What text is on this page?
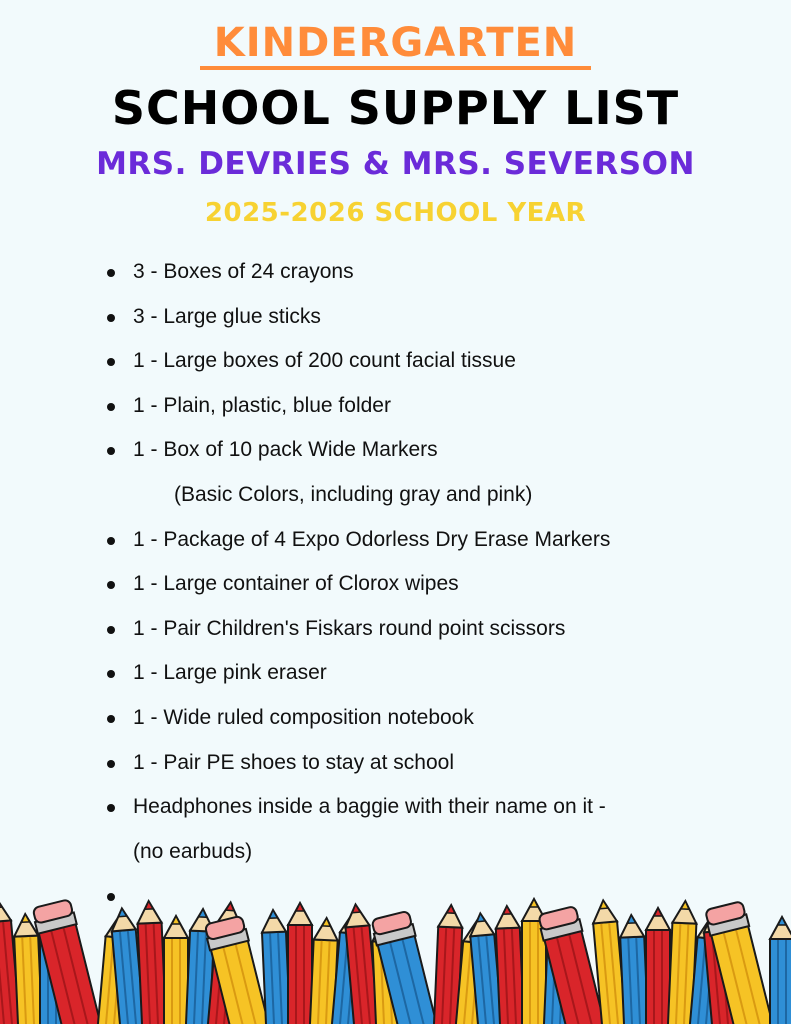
KINDERGARTEN
SCHOOL SUPPLY LIST
MRS. DEVRIES & MRS. SEVERSON
2025-2026 SCHOOL YEAR
3 - Boxes of 24 crayons
3 - Large glue sticks
1 - Large boxes of 200 count facial tissue
1 - Plain, plastic, blue folder
1 - Box of 10 pack Wide Markers
(Basic Colors, including gray and pink)
1 - Package of 4 Expo Odorless Dry Erase Markers
1 - Large container of Clorox wipes
1 - Pair Children's Fiskars round point scissors
1 - Large pink eraser
1 - Wide ruled composition notebook
1 - Pair PE shoes to stay at school
Headphones inside a baggie with their name on it -
(no earbuds)
